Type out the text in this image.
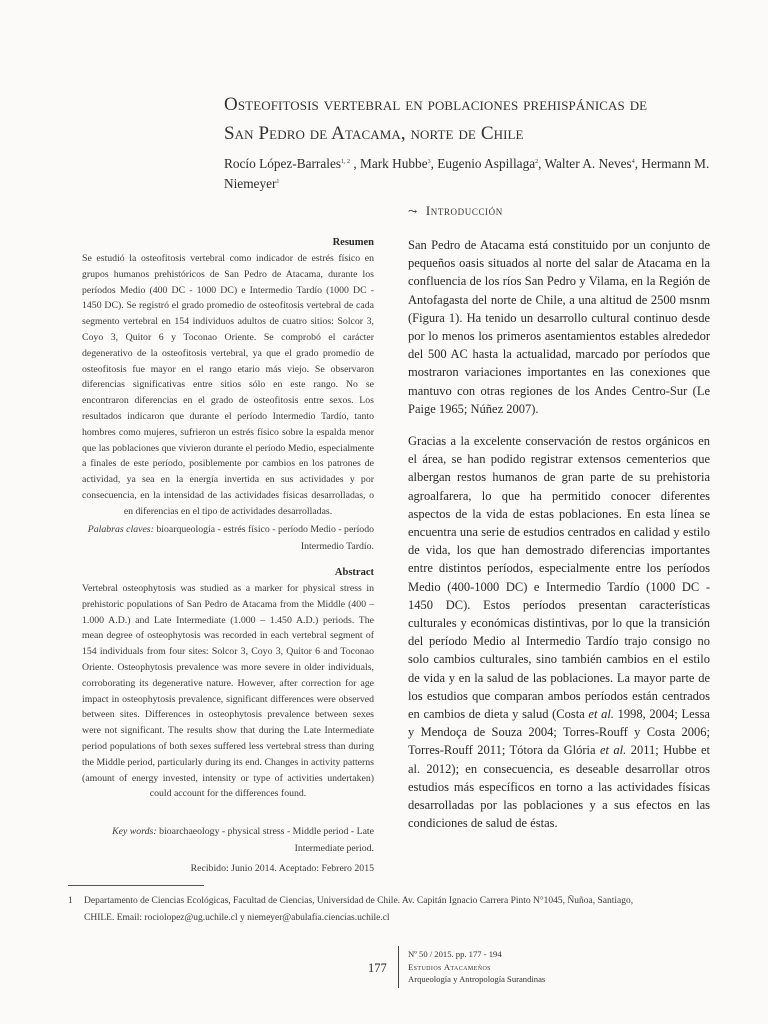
Osteofitosis vertebral en poblaciones prehispánicas de
San Pedro de Atacama, norte de Chile
Rocío López-Barrales$^{1, 2}$ , Mark Hubbe$^3$, Eugenio Aspillaga$^2$, Walter A. Neves$^4$, Hermann M. Niemeyer$^1$
⤳ Introducción
Resumen
Se estudió la osteofitosis vertebral como indicador de estrés físico en grupos humanos prehistóricos de San Pedro de Atacama, durante los períodos Medio (400 DC - 1000 DC) e Intermedio Tardío (1000 DC - 1450 DC). Se registró el grado promedio de osteofitosis vertebral de cada segmento vertebral en 154 individuos adultos de cuatro sitios: Solcor 3, Coyo 3, Quitor 6 y Toconao Oriente. Se comprobó el carácter degenerativo de la osteofitosis vertebral, ya que el grado promedio de osteofitosis fue mayor en el rango etario más viejo. Se observaron diferencias significativas entre sitios sólo en este rango. No se encontraron diferencias en el grado de osteofitosis entre sexos. Los resultados indicaron que durante el período Intermedio Tardío, tanto hombres como mujeres, sufrieron un estrés físico sobre la espalda menor que las poblaciones que vivieron durante el período Medio, especialmente a finales de este período, posiblemente por cambios en los patrones de actividad, ya sea en la energía invertida en sus actividades y por consecuencia, en la intensidad de las actividades físicas desarrolladas, o en diferencias en el tipo de actividades desarrolladas.
Palabras claves: bioarqueología - estrés físico - período Medio - período Intermedio Tardío.
Abstract
Vertebral osteophytosis was studied as a marker for physical stress in prehistoric populations of San Pedro de Atacama from the Middle (400 – 1.000 A.D.) and Late Intermediate (1.000 – 1.450 A.D.) periods. The mean degree of osteophytosis was recorded in each vertebral segment of 154 individuals from four sites: Solcor 3, Coyo 3, Quitor 6 and Toconao Oriente. Osteophytosis prevalence was more severe in older individuals, corroborating its degenerative nature. However, after correction for age impact in osteophytosis prevalence, significant differences were observed between sites. Differences in osteophytosis prevalence between sexes were not significant. The results show that during the Late Intermediate period populations of both sexes suffered less vertebral stress than during the Middle period, particularly during its end. Changes in activity patterns (amount of energy invested, intensity or type of activities undertaken) could account for the differences found.
Key words: bioarchaeology - physical stress - Middle period - Late Intermediate period.
Recibido: Junio 2014. Aceptado: Febrero 2015

San Pedro de Atacama está constituido por un conjunto de pequeños oasis situados al norte del salar de Atacama en la confluencia de los ríos San Pedro y Vilama, en la Región de Antofagasta del norte de Chile, a una altitud de 2500 msnm (Figura 1). Ha tenido un desarrollo cultural continuo desde por lo menos los primeros asentamientos estables alrededor del 500 AC hasta la actualidad, marcado por períodos que mostraron variaciones importantes en las conexiones que mantuvo con otras regiones de los Andes Centro-Sur (Le Paige 1965; Núñez 2007).

Gracias a la excelente conservación de restos orgánicos en el área, se han podido registrar extensos cementerios que albergan restos humanos de gran parte de su prehistoria agroalfarera, lo que ha permitido conocer diferentes aspectos de la vida de estas poblaciones. En esta línea se encuentra una serie de estudios centrados en calidad y estilo de vida, los que han demostrado diferencias importantes entre distintos períodos, especialmente entre los períodos Medio (400-1000 DC) e Intermedio Tardío (1000 DC - 1450 DC). Estos períodos presentan características culturales y económicas distintivas, por lo que la transición del período Medio al Intermedio Tardío trajo consigo no solo cambios culturales, sino también cambios en el estilo de vida y en la salud de las poblaciones. La mayor parte de los estudios que comparan ambos períodos están centrados en cambios de dieta y salud (Costa et al. 1998, 2004; Lessa y Mendoça de Souza 2004; Torres-Rouff y Costa 2006; Torres-Rouff 2011; Tótora da Glória et al. 2011; Hubbe et al. 2012); en consecuencia, es deseable desarrollar otros estudios más específicos en torno a las actividades físicas desarrolladas por las poblaciones y a sus efectos en las condiciones de salud de éstas.

1 Departamento de Ciencias Ecológicas, Facultad de Ciencias, Universidad de Chile. Av. Capitán Ignacio Carrera Pinto N°1045, Ñuñoa, Santiago,
CHILE. Email: rociolopez@ug.uchile.cl y niemeyer@abulafia.ciencias.uchile.cl
177
Nº 50 / 2015. pp. 177 - 194
Estudios Atacameños
Arqueología y Antropología Surandinas
